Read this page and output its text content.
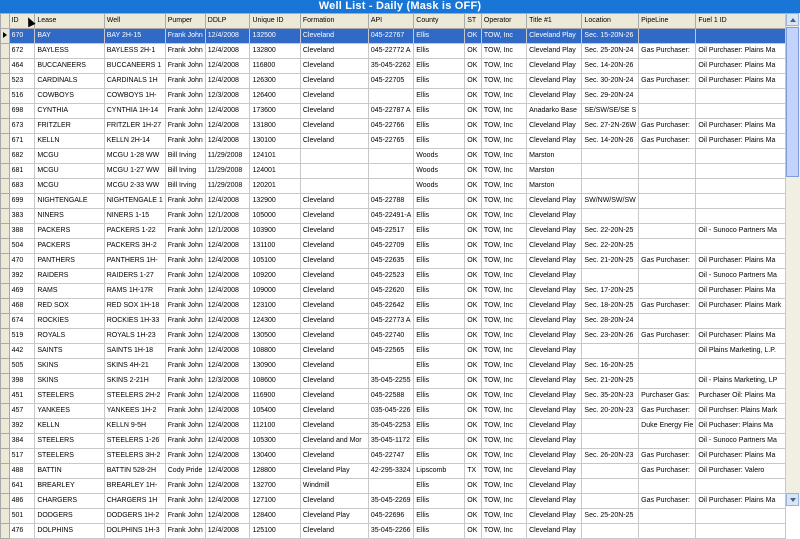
Well List - Daily (Mask is OFF)
	ID	Lease	Well	Pumper	DDLP	Unique ID	Formation	API	County	ST	Operator	Title #1	Location	PipeLine	Fuel 1 ID
	670	BAY	BAY 2H-15	Frank John	12/4/2008	132500	Cleveland	045-22767	Ellis	OK	TOW, Inc	Cleveland Play	Sec. 15-20N-26		
	672	BAYLESS	BAYLESS 2H-1	Frank John	12/4/2008	132800	Cleveland	045-22772 A	Ellis	OK	TOW, Inc	Cleveland Play	Sec. 25-20N-24	Gas Purchaser:	Oil Purchaser: Plains Ma
	464	BUCCANEERS	BUCCANEERS 1	Frank John	12/4/2008	116800	Cleveland	35-045-2262	Ellis	OK	TOW, Inc	Cleveland Play	Sec. 14-20N-26		Oil Purchaser: Plains Ma
	523	CARDINALS	CARDINALS 1H	Frank John	12/4/2008	126300	Cleveland	045-22705	Ellis	OK	TOW, Inc	Cleveland Play	Sec. 30-20N-24	Gas Purchaser:	Oil Purchaser: Plains Ma
	516	COWBOYS	COWBOYS 1H-	Frank John	12/3/2008	126400	Cleveland		Ellis	OK	TOW, Inc	Cleveland Play	Sec. 29-20N-24		
	698	CYNTHIA	CYNTHIA 1H-14	Frank John	12/4/2008	173600	Cleveland	045-22787 A	Ellis	OK	TOW, Inc	Anadarko Base	SE/SW/SE/SE S		
	673	FRITZLER	FRITZLER 1H-27	Frank John	12/4/2008	131800	Cleveland	045-22766	Ellis	OK	TOW, Inc	Cleveland Play	Sec. 27-2N-26W	Gas Purchaser:	Oil Purchaser: Plains Ma
	671	KELLN	KELLN 2H-14	Frank John	12/4/2008	130100	Cleveland	045-22765	Ellis	OK	TOW, Inc	Cleveland Play	Sec. 14-20N-26	Gas Purchaser:	Oil Purchaser: Plains Ma
	682	MCGU	MCGU 1-28 WW	Bill Irving	11/29/2008	124101			Woods	OK	TOW, Inc	Marston			
	681	MCGU	MCGU 1-27 WW	Bill Irving	11/29/2008	124001			Woods	OK	TOW, Inc	Marston			
	683	MCGU	MCGU 2-33 WW	Bill Irving	11/29/2008	120201			Woods	OK	TOW, Inc	Marston			
	699	NIGHTENGALE	NIGHTENGALE 1	Frank John	12/4/2008	132900	Cleveland	045-22788	Ellis	OK	TOW, Inc	Cleveland Play	SW/NW/SW/SW		
	383	NINERS	NINERS 1-15	Frank John	12/1/2008	105000	Cleveland	045-22491-A	Ellis	OK	TOW, Inc	Cleveland Play			
	388	PACKERS	PACKERS 1-22	Frank John	12/1/2008	103900	Cleveland	045-22517	Ellis	OK	TOW, Inc	Cleveland Play	Sec. 22-20N-25		Oil - Sunoco Partners Ma
	504	PACKERS	PACKERS 3H-2	Frank John	12/4/2008	131100	Cleveland	045-22709	Ellis	OK	TOW, Inc	Cleveland Play	Sec. 22-20N-25		
	470	PANTHERS	PANTHERS 1H-	Frank John	12/4/2008	105100	Cleveland	045-22635	Ellis	OK	TOW, Inc	Cleveland Play	Sec. 21-20N-25	Gas Purchaser:	Oil Purchaser: Plains Ma
	392	RAIDERS	RAIDERS 1-27	Frank John	12/4/2008	109200	Cleveland	045-22523	Ellis	OK	TOW, Inc	Cleveland Play			Oil - Sunoco Partners Ma
	469	RAMS	RAMS 1H-17R	Frank John	12/4/2008	109000	Cleveland	045-22620	Ellis	OK	TOW, Inc	Cleveland Play	Sec. 17-20N-25		Oil Purchaser: Plains Ma
	468	RED SOX	RED SOX 1H-18	Frank John	12/4/2008	123100	Cleveland	045-22642	Ellis	OK	TOW, Inc	Cleveland Play	Sec. 18-20N-25	Gas Purchaser:	Oil Purchaser: Plains Mark
	674	ROCKIES	ROCKIES 1H-33	Frank John	12/4/2008	124300	Cleveland	045-22773 A	Ellis	OK	TOW, Inc	Cleveland Play	Sec. 28-20N-24		
	519	ROYALS	ROYALS 1H-23	Frank John	12/4/2008	130500	Cleveland	045-22740	Ellis	OK	TOW, Inc	Cleveland Play	Sec. 23-20N-26	Gas Purchaser:	Oil Purchaser: Plains Ma
	442	SAINTS	SAINTS 1H-18	Frank John	12/4/2008	108800	Cleveland	045-22565	Ellis	OK	TOW, Inc	Cleveland Play			Oil Plains Marketing, L.P.
	505	SKINS	SKINS 4H-21	Frank John	12/4/2008	130900	Cleveland		Ellis	OK	TOW, Inc	Cleveland Play	Sec. 16-20N-25		
	398	SKINS	SKINS 2-21H	Frank John	12/3/2008	108600	Cleveland	35-045-2255	Ellis	OK	TOW, Inc	Cleveland Play	Sec. 21-20N-25		Oil - Plains Marketing, LP
	451	STEELERS	STEELERS 2H-2	Frank John	12/4/2008	116900	Cleveland	045-22588	Ellis	OK	TOW, Inc	Cleveland Play	Sec. 35-20N-23	Purchaser Gas:	Purchaser Oil: Plains Ma
	457	YANKEES	YANKEES 1H-2	Frank John	12/4/2008	105400	Cleveland	035-045-226	Ellis	OK	TOW, Inc	Cleveland Play	Sec. 20-20N-23	Gas Purchaser:	Oil Purchser: Plains Mark
	392	KELLN	KELLN 9-5H	Frank John	12/4/2008	112100	Cleveland	35-045-2253	Ellis	OK	TOW, Inc	Cleveland Play		Duke Energy Fie	Oil Puchaser: Plains Ma
	384	STEELERS	STEELERS 1-26	Frank John	12/4/2008	105300	Cleveland and Mor	35-045-1172	Ellis	OK	TOW, Inc	Cleveland Play			Oil - Sunoco Partners Ma
	517	STEELERS	STEELERS 3H-2	Frank John	12/4/2008	130400	Cleveland	045-22747	Ellis	OK	TOW, Inc	Cleveland Play	Sec. 26-20N-23	Gas Purchaser:	Oil Purchaser: Plains Ma
	488	BATTIN	BATTIN 528-2H	Cody Pride	12/4/2008	128800	Cleveland Play	42-295-3324	Lipscomb	TX	TOW, Inc	Cleveland Play		Gas Purchaser:	Oil Purchaser: Valero
	641	BREARLEY	BREARLEY 1H-	Frank John	12/4/2008	132700	Windmill		Ellis	OK	TOW, Inc	Cleveland Play			
	486	CHARGERS	CHARGERS 1H	Frank John	12/4/2008	127100	Cleveland	35-045-2269	Ellis	OK	TOW, Inc	Cleveland Play		Gas Purchaser:	Oil Purchaser: Plains Ma
	501	DODGERS	DODGERS 1H-2	Frank John	12/4/2008	128400	Cleveland Play	045-22696	Ellis	OK	TOW, Inc	Cleveland Play	Sec. 25-20N-25		
	476	DOLPHINS	DOLPHINS 1H-3	Frank John	12/4/2008	125100	Cleveland	35-045-2266	Ellis	OK	TOW, Inc	Cleveland Play			
